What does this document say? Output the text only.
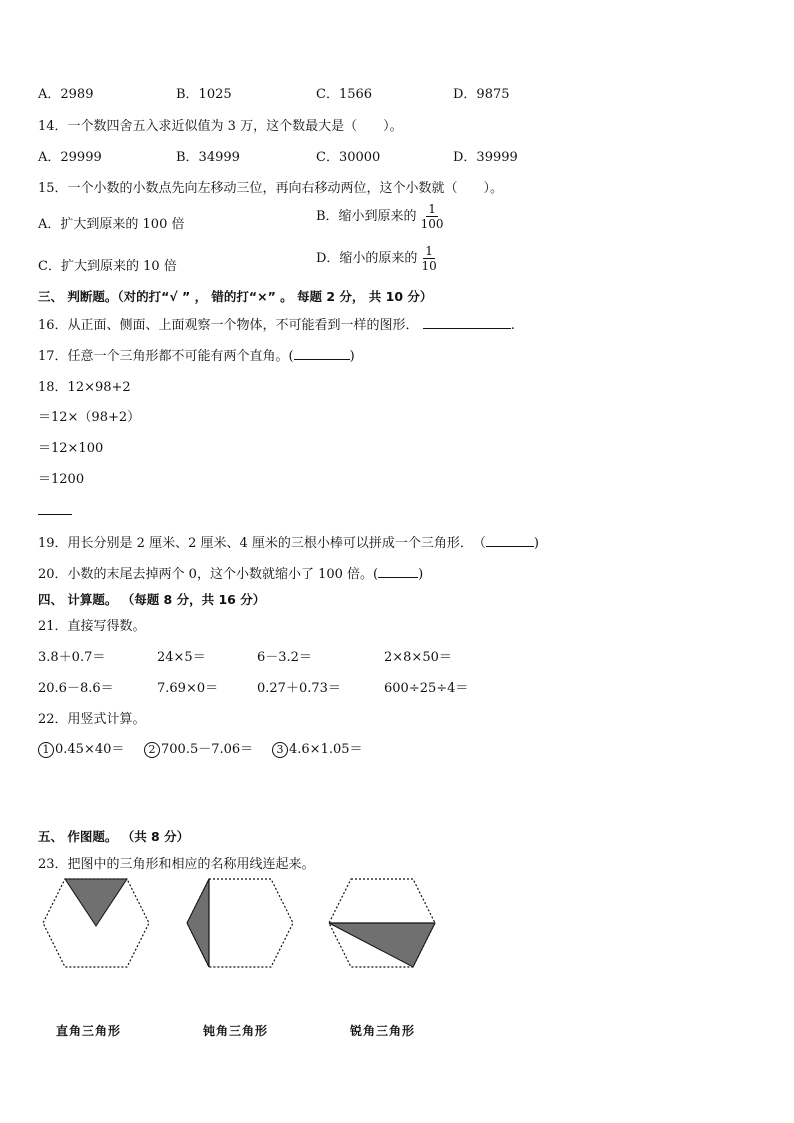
A．2989	B．1025	C．1566	D．9875
14．一个数四舍五入求近似值为 3 万，这个数最大是（　　）。
A．29999	B．34999	C．30000	D．39999
15．一个小数的小数点先向左移动三位，再向右移动两位，这个小数就（　　）。
A．扩大到原来的 100 倍
B．缩小到原来的 $\frac{1}{100}$
C．扩大到原来的 10 倍
D．缩小的原来的 $\frac{1}{10}$
三、 判断题。（对的打“√ ” ， 错的打“×” 。 每题 2 分， 共 10 分）
16．从正面、侧面、上面观察一个物体，不可能看到一样的图形．	.
17．任意一个三角形都不可能有两个直角。(	)
18．12×98+2
＝12×（98+2）
＝12×100
＝1200
19．用长分别是 2 厘米、2 厘米、4 厘米的三根小棒可以拼成一个三角形．　（	)
20．小数的末尾去掉两个 0，这个小数就缩小了 100 倍。(	)
四、 计算题。 （每题 8 分，共 16 分）
21．直接写得数。
3.8＋0.7＝	24×5＝	6－3.2＝	2×8×50＝
20.6－8.6＝	7.69×0＝	0.27＋0.73＝	600÷25÷4＝
22．用竖式计算。
1 0.45×40＝	2 700.5－7.06＝	3 4.6×1.05＝
五、 作图题。 （共 8 分）
23．把图中的三角形和相应的名称用线连起来。
直角三角形	钝角三角形	锐角三角形
